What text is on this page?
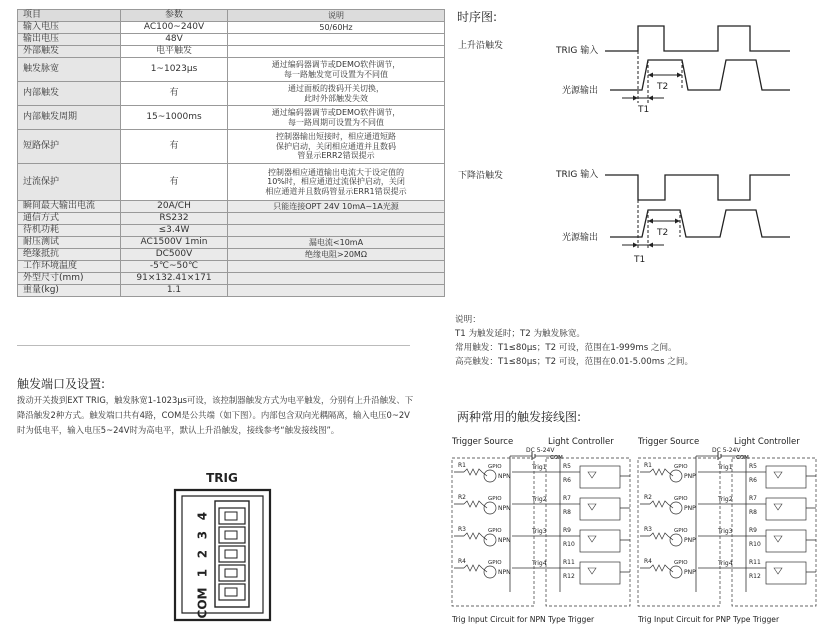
项目	参数	说明
输入电压	AC100~240V	50/60Hz
输出电压	48V	
外部触发	电平触发	
触发脉宽	1~1023μs	通过编码器调节或DEMO软件调节，
每一路触发宽可设置为不同值
内部触发	有	通过面板的拨码开关切换，
此时外部触发失效
内部触发周期	15~1000ms	通过编码器调节或DEMO软件调节，
每一路周期可设置为不同值
短路保护	有	控制器输出短接时，相应通道短路
保护启动，关闭相应通道并且数码
管显示ERR2错误提示
过流保护	有	控制器相应通道输出电流大于设定值的
10%时，相应通道过流保护启动，关闭
相应通道并且数码管显示ERR1错误提示
瞬间最大输出电流	20A/CH	只能连接OPT 24V 10mA~1A光源
通信方式	RS232	
待机功耗	≤3.4W	
耐压测试	AC1500V 1min	漏电流<10mA
绝缘抵抗	DC500V	绝缘电阻>20MΩ
工作环境温度	-5℃~50℃	
外型尺寸(mm)	91×132.41×171	
重量(kg)	1.1	
触发端口及设置:
拨动开关拨到EXT TRIG，触发脉宽1-1023μs可设，该控制器触发方式为电平触发，分别有上升沿触发、下降沿触发2种方式。触发端口共有4路，COM是公共端（如下图）。内部包含双向光耦隔离，输入电压0~2V时为低电平，输入电压5~24V时为高电平，默认上升沿触发，接线参考“触发接线图”。
TRIG
4
3
2
1
COM
时序图:
上升沿触发	TRIG 输入
光源输出	T2
T1
下降沿触发	TRIG 输入
光源输出	T2
T1
说明：
T1 为触发延时；T2 为触发脉宽。
常用触发：T1≤80μs；T2 可设，范围在1-999ms 之间。
高亮触发：T1≤80μs；T2 可设，范围在0.01-5.00ms 之间。
两种常用的触发接线图:
Trigger Source	Light Controller
DC 5-24V
COM
R1
NPN
GPIO	Trig1	R5
R6
R2
NPN
GPIO	Trig2	R7
R8
R3
NPN
GPIO	Trig3	R9
R10
R4
NPN
GPIO	Trig4	R11
R12
Trig Input Circuit for NPN Type Trigger
Trigger Source	Light Controller
DC 5-24V
COM
R1
PNP
GPIO	Trig1	R5
R6
R2
PNP
GPIO	Trig2	R7
R8
R3
PNP
GPIO	Trig3	R9
R10
R4
PNP
GPIO	Trig4	R11
R12
Trig Input Circuit for PNP Type Trigger
